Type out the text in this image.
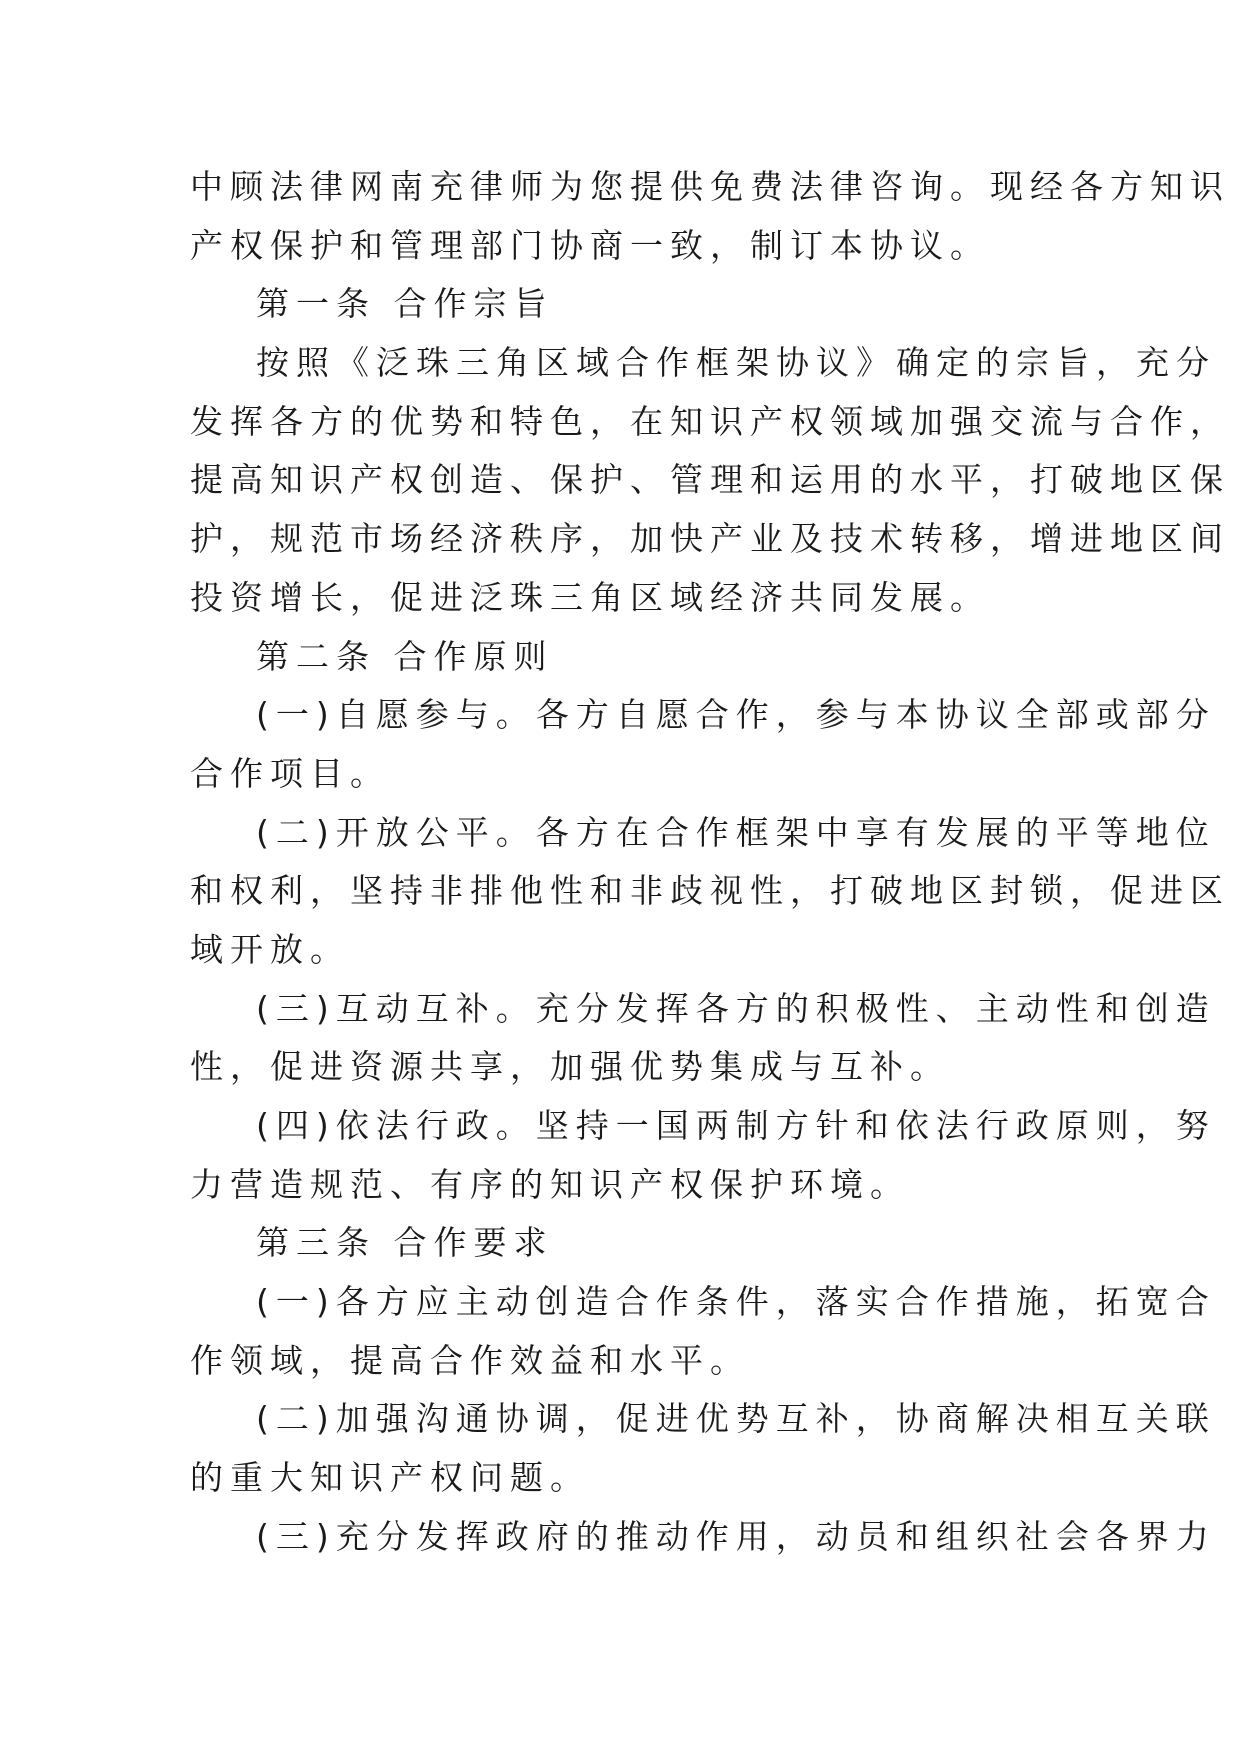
中顾法律网南充律师为您提供免费法律咨询。现经各方知识
产权保护和管理部门协商一致，制订本协议。
第一条 合作宗旨
按照《泛珠三角区域合作框架协议》确定的宗旨，充分
发挥各方的优势和特色，在知识产权领域加强交流与合作，
提高知识产权创造、保护、管理和运用的水平，打破地区保
护，规范市场经济秩序，加快产业及技术转移，增进地区间
投资增长，促进泛珠三角区域经济共同发展。
第二条 合作原则
(一)自愿参与。各方自愿合作，参与本协议全部或部分
合作项目。
(二)开放公平。各方在合作框架中享有发展的平等地位
和权利，坚持非排他性和非歧视性，打破地区封锁，促进区
域开放。
(三)互动互补。充分发挥各方的积极性、主动性和创造
性，促进资源共享，加强优势集成与互补。
(四)依法行政。坚持一国两制方针和依法行政原则，努
力营造规范、有序的知识产权保护环境。
第三条 合作要求
(一)各方应主动创造合作条件，落实合作措施，拓宽合
作领域，提高合作效益和水平。
(二)加强沟通协调，促进优势互补，协商解决相互关联
的重大知识产权问题。
(三)充分发挥政府的推动作用，动员和组织社会各界力
